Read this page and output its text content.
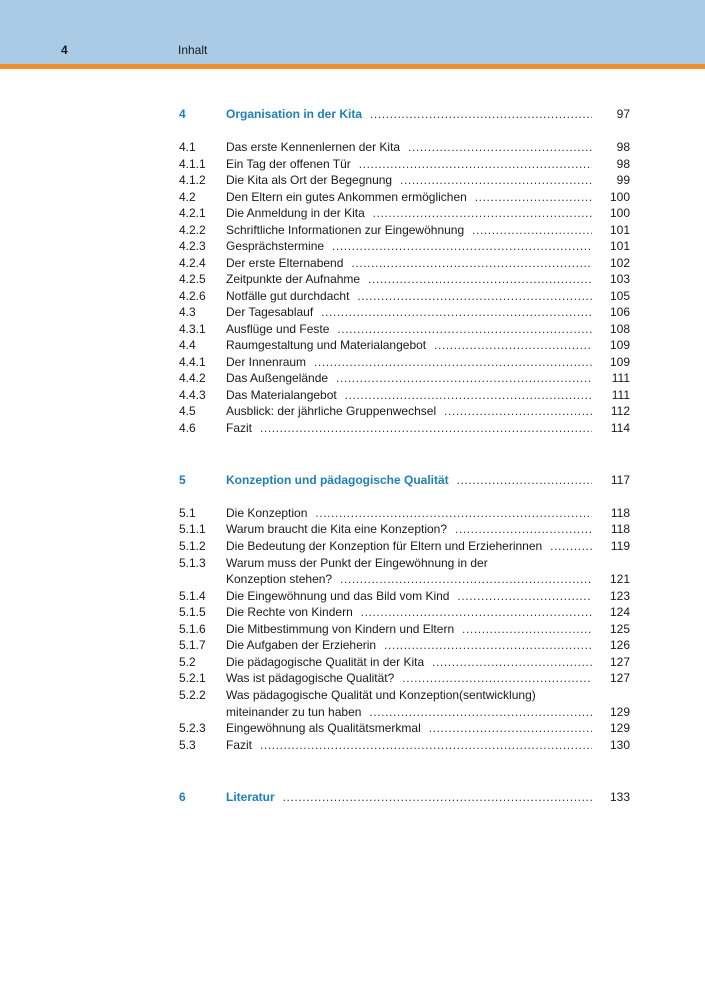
4	Inhalt
4	Organisation in der Kita .....	97
4.1	Das erste Kennenlernen der Kita .....	98
4.1.1 Ein Tag der offenen Tür .....	98
4.1.2 Die Kita als Ort der Begegnung .....	99
4.2	Den Eltern ein gutes Ankommen ermöglichen .....	100
4.2.1 Die Anmeldung in der Kita .....	100
4.2.2 Schriftliche Informationen zur Eingewöhnung .....	101
4.2.3 Gesprächstermine .....	101
4.2.4 Der erste Elternabend .....	102
4.2.5 Zeitpunkte der Aufnahme .....	103
4.2.6 Notfälle gut durchdacht .....	105
4.3	Der Tagesablauf .....	106
4.3.1 Ausflüge und Feste .....	108
4.4	Raumgestaltung und Materialangebot .....	109
4.4.1 Der Innenraum .....	109
4.4.2 Das Außengelände .....	111
4.4.3 Das Materialangebot .....	111
4.5	Ausblick: der jährliche Gruppenwechsel .....	112
4.6	Fazit .....	114
5	Konzeption und pädagogische Qualität .....	117
5.1	Die Konzeption .....	118
5.1.1 Warum braucht die Kita eine Konzeption? .....	118
5.1.2 Die Bedeutung der Konzeption für Eltern und Erzieherinnen .....	119
5.1.3 Warum muss der Punkt der Eingewöhnung in der
Konzeption stehen? .....	121
5.1.4 Die Eingewöhnung und das Bild vom Kind .....	123
5.1.5 Die Rechte von Kindern .....	124
5.1.6 Die Mitbestimmung von Kindern und Eltern .....	125
5.1.7 Die Aufgaben der Erzieherin .....	126
5.2	Die pädagogische Qualität in der Kita .....	127
5.2.1 Was ist pädagogische Qualität? .....	127
5.2.2 Was pädagogische Qualität und Konzeption(sentwicklung)
miteinander zu tun haben .....	129
5.2.3 Eingewöhnung als Qualitätsmerkmal .....	129
5.3	Fazit .....	130
6	Literatur .....	133
